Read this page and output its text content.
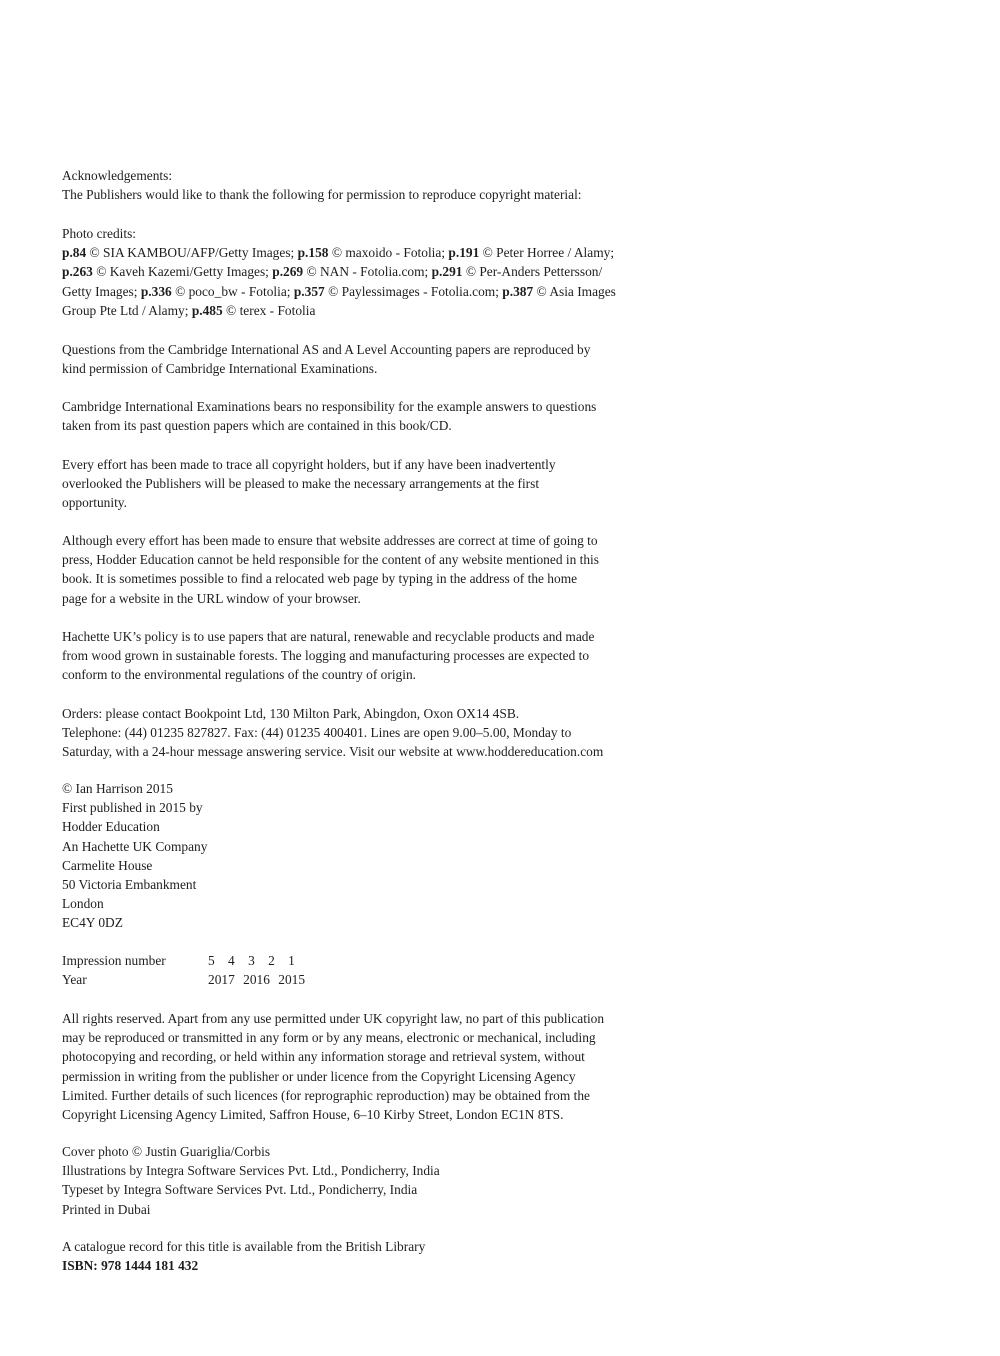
Acknowledgements:
The Publishers would like to thank the following for permission to reproduce copyright material:
Photo credits:
p.84 © SIA KAMBOU/AFP/Getty Images; p.158 © maxoido - Fotolia; p.191 © Peter Horree / Alamy;
p.263 © Kaveh Kazemi/Getty Images; p.269 © NAN - Fotolia.com; p.291 © Per-Anders Pettersson/
Getty Images; p.336 © poco_bw - Fotolia; p.357 © Paylessimages - Fotolia.com; p.387 © Asia Images
Group Pte Ltd / Alamy; p.485 © terex - Fotolia
Questions from the Cambridge International AS and A Level Accounting papers are reproduced by
kind permission of Cambridge International Examinations.
Cambridge International Examinations bears no responsibility for the example answers to questions
taken from its past question papers which are contained in this book/CD.
Every effort has been made to trace all copyright holders, but if any have been inadvertently
overlooked the Publishers will be pleased to make the necessary arrangements at the first
opportunity.
Although every effort has been made to ensure that website addresses are correct at time of going to
press, Hodder Education cannot be held responsible for the content of any website mentioned in this
book. It is sometimes possible to find a relocated web page by typing in the address of the home
page for a website in the URL window of your browser.
Hachette UK’s policy is to use papers that are natural, renewable and recyclable products and made
from wood grown in sustainable forests. The logging and manufacturing processes are expected to
conform to the environmental regulations of the country of origin.
Orders: please contact Bookpoint Ltd, 130 Milton Park, Abingdon, Oxon OX14 4SB.
Telephone: (44) 01235 827827. Fax: (44) 01235 400401. Lines are open 9.00–5.00, Monday to
Saturday, with a 24-hour message answering service. Visit our website at www.hoddereducation.com
© Ian Harrison 2015
First published in 2015 by
Hodder Education
An Hachette UK Company
Carmelite House
50 Victoria Embankment
London
EC4Y 0DZ
Impression number	5 4 3 2 1
Year	2017 2016 2015
All rights reserved. Apart from any use permitted under UK copyright law, no part of this publication
may be reproduced or transmitted in any form or by any means, electronic or mechanical, including
photocopying and recording, or held within any information storage and retrieval system, without
permission in writing from the publisher or under licence from the Copyright Licensing Agency
Limited. Further details of such licences (for reprographic reproduction) may be obtained from the
Copyright Licensing Agency Limited, Saffron House, 6–10 Kirby Street, London EC1N 8TS.
Cover photo © Justin Guariglia/Corbis
Illustrations by Integra Software Services Pvt. Ltd., Pondicherry, India
Typeset by Integra Software Services Pvt. Ltd., Pondicherry, India
Printed in Dubai
A catalogue record for this title is available from the British Library
ISBN: 978 1444 181 432
